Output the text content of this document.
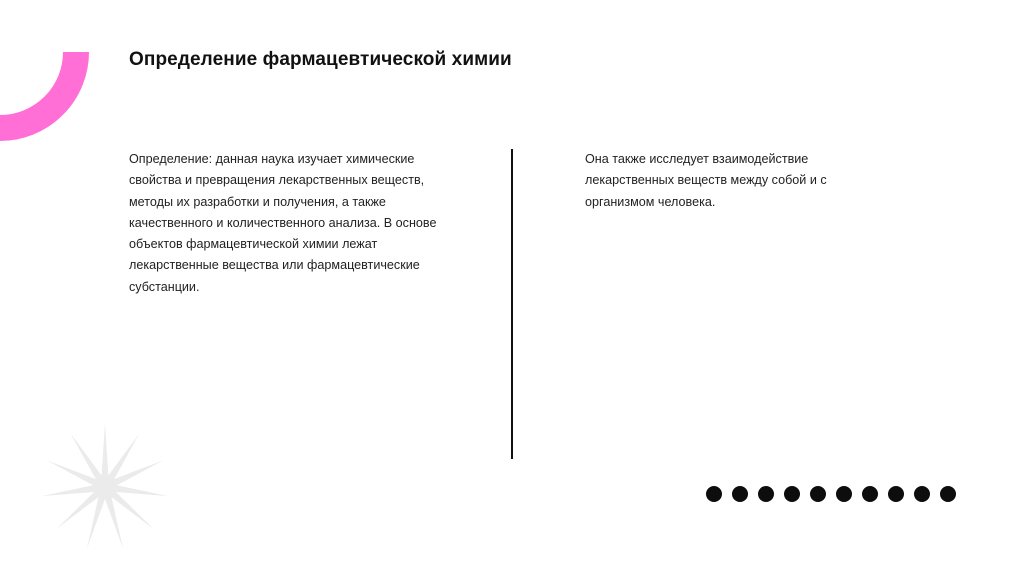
Определение фармацевтической химии
Определение: данная наука изучает химические
свойства и превращения лекарственных веществ,
методы их разработки и получения, а также
качественного и количественного анализа. В основе
объектов фармацевтической химии лежат
лекарственные вещества или фармацевтические
субстанции.
Она также исследует взаимодействие
лекарственных веществ между собой и с
организмом человека.
